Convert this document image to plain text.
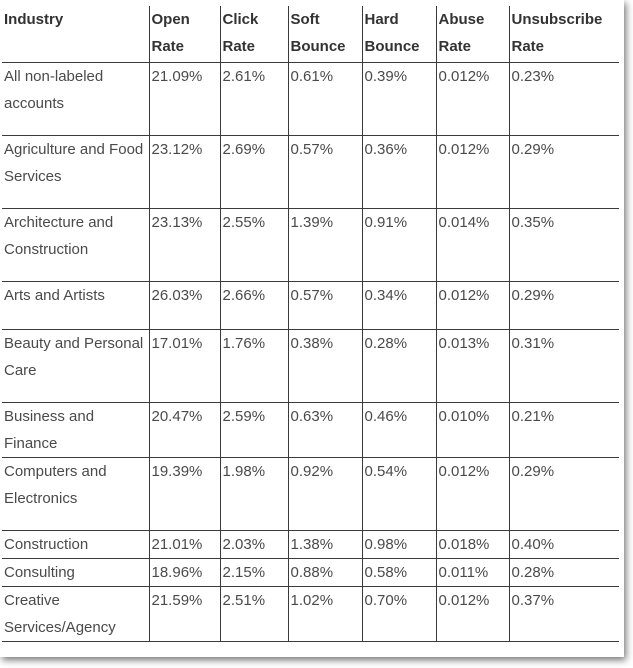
Industry	Open Rate	Click Rate	Soft Bounce	Hard Bounce	Abuse Rate	Unsubscribe Rate
All non-labeled accounts	21.09%	2.61%	0.61%	0.39%	0.012%	0.23%
Agriculture and Food Services	23.12%	2.69%	0.57%	0.36%	0.012%	0.29%
Architecture and Construction	23.13%	2.55%	1.39%	0.91%	0.014%	0.35%
Arts and Artists	26.03%	2.66%	0.57%	0.34%	0.012%	0.29%
Beauty and Personal Care	17.01%	1.76%	0.38%	0.28%	0.013%	0.31%
Business and Finance	20.47%	2.59%	0.63%	0.46%	0.010%	0.21%
Computers and Electronics	19.39%	1.98%	0.92%	0.54%	0.012%	0.29%
Construction	21.01%	2.03%	1.38%	0.98%	0.018%	0.40%
Consulting	18.96%	2.15%	0.88%	0.58%	0.011%	0.28%
Creative Services/Agency	21.59%	2.51%	1.02%	0.70%	0.012%	0.37%
